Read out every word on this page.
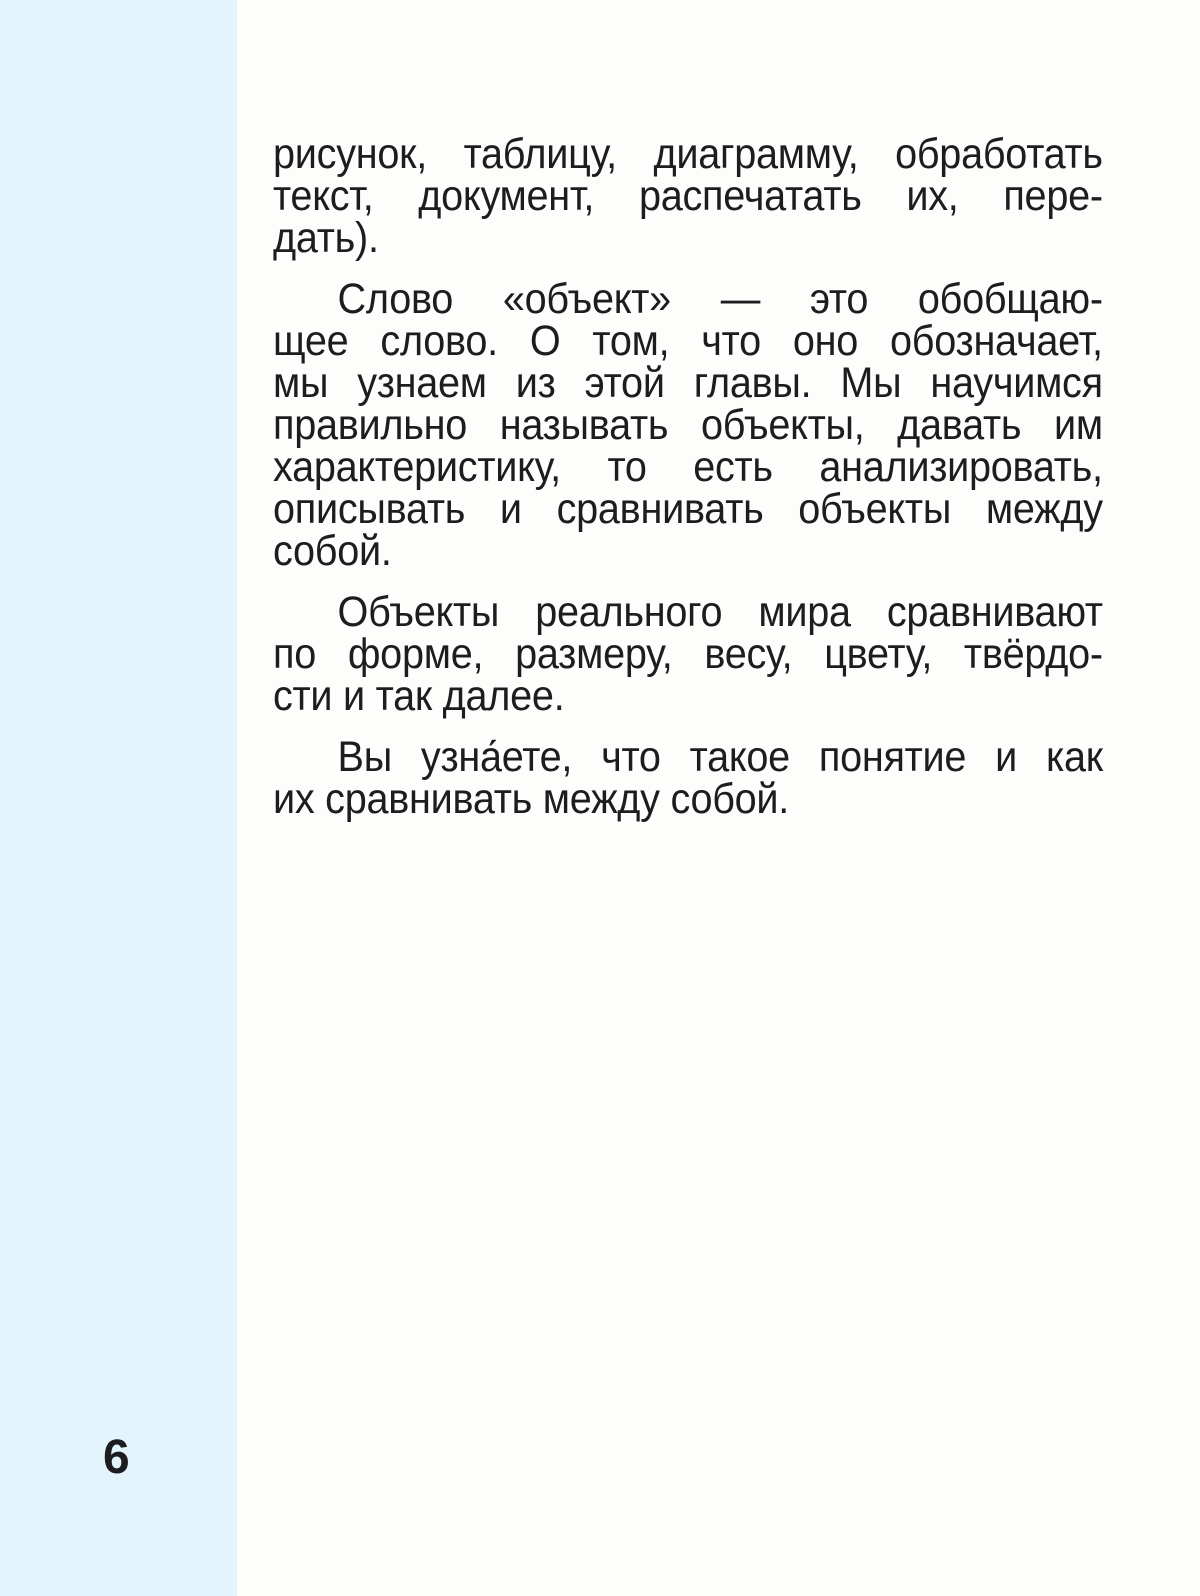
6
рисунок, таблицу, диаграмму, обработать
текст, документ, распечатать их, пере-
дать).
Слово «объект» — это обобщаю-
щее слово. О том, что оно обозначает,
мы узнаем из этой главы. Мы научимся
правильно называть объекты, давать им
характеристику, то есть анализировать,
описывать и сравнивать объекты между
собой.
Объекты реального мира сравнивают
по форме, размеру, весу, цвету, твёрдо-
сти и так далее.
Вы узна́ете, что такое понятие и как
их сравнивать между собой.
